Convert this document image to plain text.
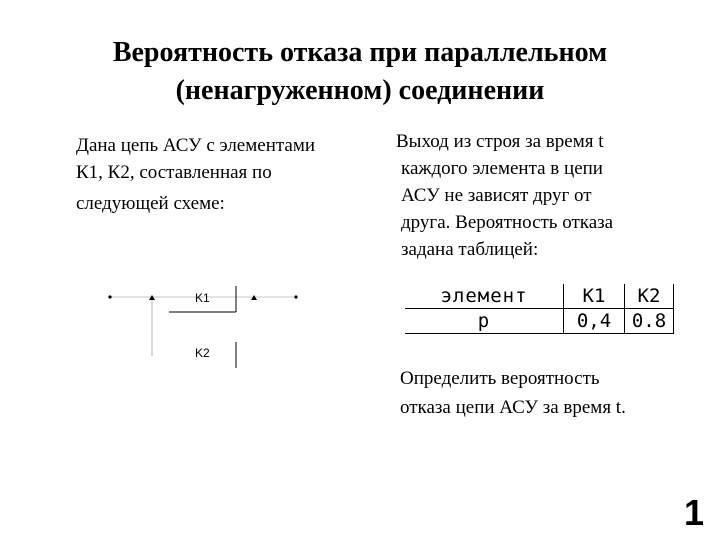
Вероятность отказа при параллельном
(ненагруженном) соединении
Дана цепь АСУ с элементами
К1, К2, составленная по
следующей схеме:
Выход из строя за время t
каждого элемента в цепи
АСУ не зависят друг от
друга. Вероятность отказа
задана таблицей:
K1
K2
элемент	К1	К2
p	0,4	0.8
Определить вероятность
отказа цепи АСУ за время t.
1
